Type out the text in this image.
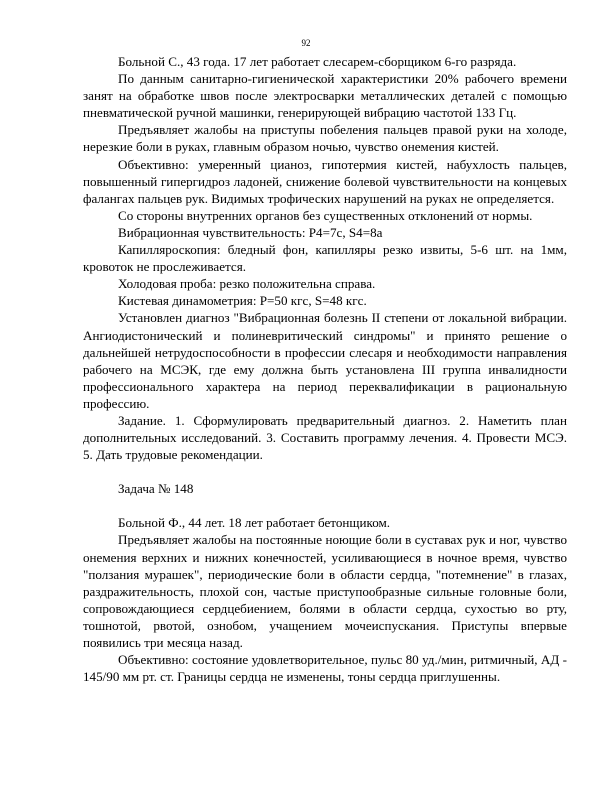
92

Больной С., 43 года. 17 лет работает слесарем-сборщиком 6-го разряда.

По данным санитарно-гигиенической характеристики 20% рабочего времени занят на обработке швов после электросварки металлических деталей с помощью пневматической ручной машинки, генерирующей вибрацию частотой 133 Гц.

Предъявляет жалобы на приступы побеления пальцев правой руки на холоде, нерезкие боли в руках, главным образом ночью, чувство онемения кистей.

Объективно: умеренный цианоз, гипотермия кистей, набухлость пальцев, повышенный гипергидроз ладоней, снижение болевой чувствительности на концевых фалангах пальцев рук. Видимых трофических нарушений на руках не определяется.

Со стороны внутренних органов без существенных отклонений от нормы.

Вибрационная чувствительность: Р4=7с, S4=8а

Капилляроскопия: бледный фон, капилляры резко извиты, 5-6 шт. на 1мм, кровоток не прослеживается.

Холодовая проба: резко положительна справа.

Кистевая динамометрия: Р=50 кгс, S=48 кгс.

Установлен диагноз "Вибрационная болезнь II степени от локальной вибрации. Ангиодистонический и полиневритический синдромы" и принято решение о дальнейшей нетрудоспособности в профессии слесаря и необходимости направления рабочего на МСЭК, где ему должна быть установлена III группа инвалидности профессионального характера на период переквалификации в рациональную профессию.

Задание. 1. Сформулировать предварительный диагноз. 2. Наметить план дополнительных исследований. 3. Составить программу лечения. 4. Провести МСЭ. 5. Дать трудовые рекомендации.

Задача № 148

Больной Ф., 44 лет. 18 лет работает бетонщиком.

Предъявляет жалобы на постоянные ноющие боли в суставах рук и ног, чувство онемения верхних и нижних конечностей, усиливающиеся в ночное время, чувство "ползания мурашек", периодические боли в области сердца, "потемнение" в глазах, раздражительность, плохой сон, частые приступообразные сильные головные боли, сопровождающиеся сердцебиением, болями в области сердца, сухостью во рту, тошнотой, рвотой, ознобом, учащением мочеиспускания. Приступы впервые появились три месяца назад.

Объективно: состояние удовлетворительное, пульс 80 уд./мин, ритмичный, АД - 145/90 мм рт. ст. Границы сердца не изменены, тоны сердца приглушенны.
